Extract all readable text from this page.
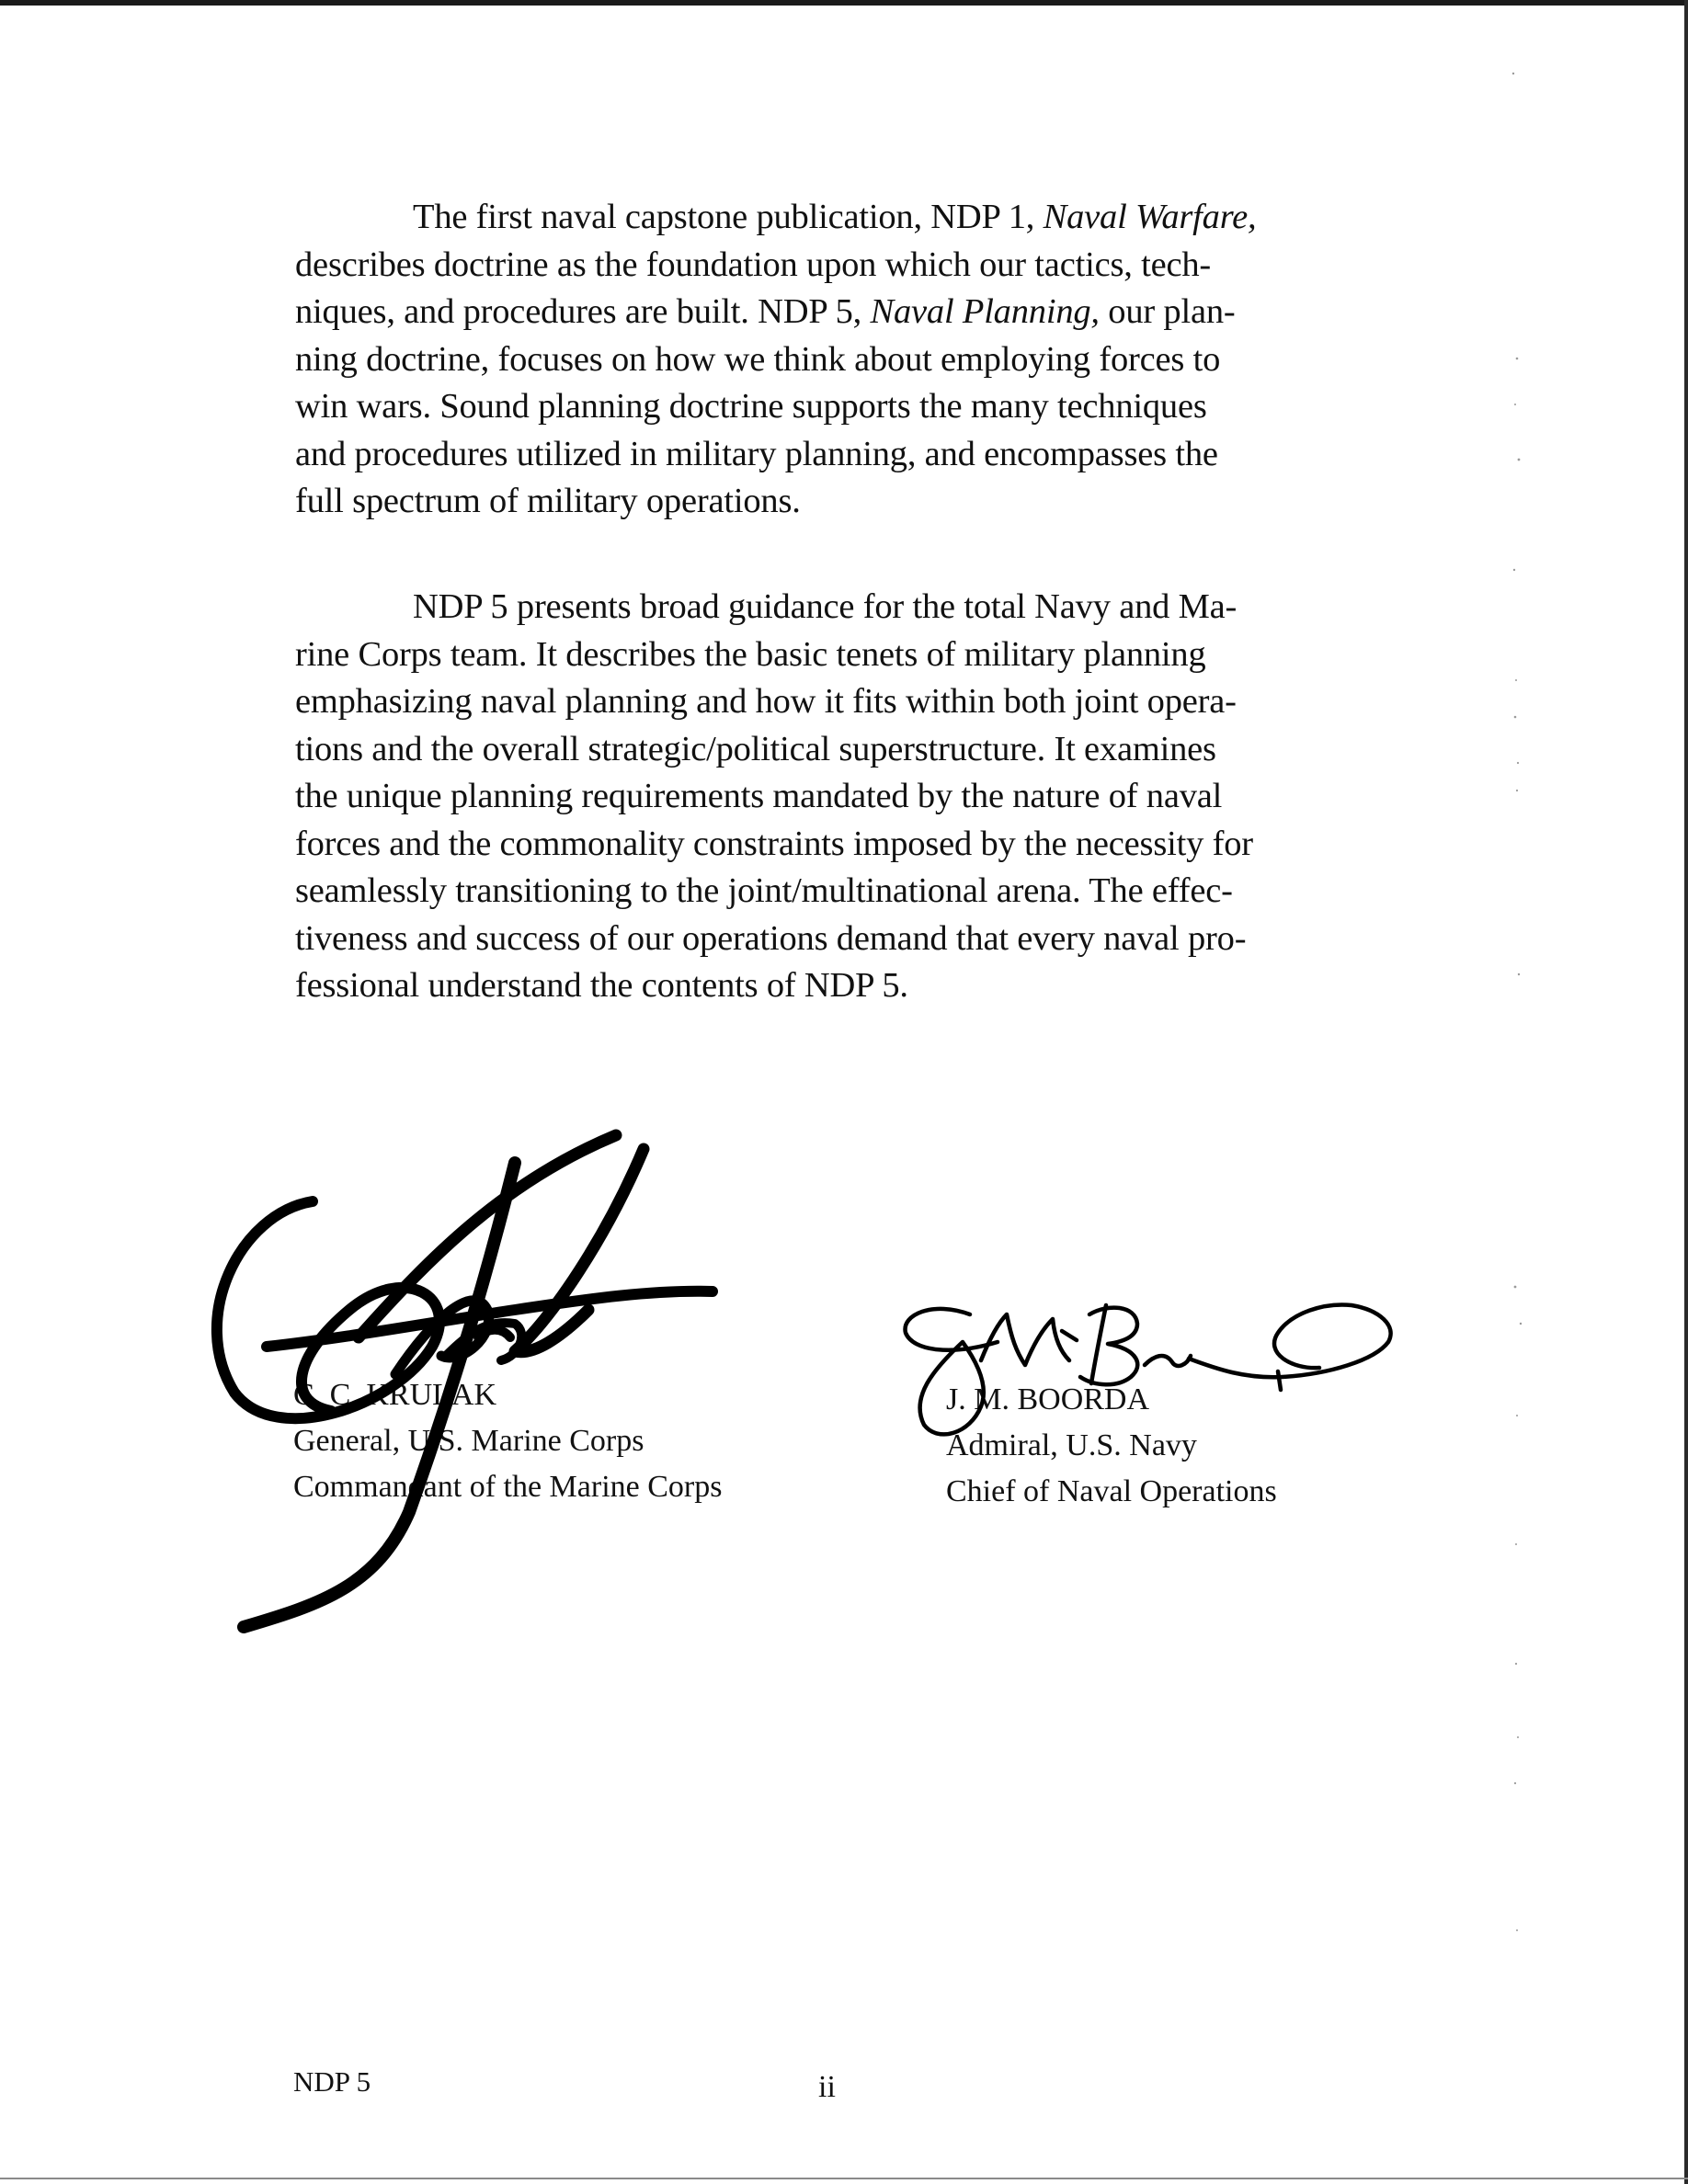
The first naval capstone publication, NDP 1, Naval Warfare,
describes doctrine as the foundation upon which our tactics, tech-
niques, and procedures are built. NDP 5, Naval Planning, our plan-
ning doctrine, focuses on how we think about employing forces to
win wars. Sound planning doctrine supports the many techniques
and procedures utilized in military planning, and encompasses the
full spectrum of military operations.
NDP 5 presents broad guidance for the total Navy and Ma-
rine Corps team. It describes the basic tenets of military planning
emphasizing naval planning and how it fits within both joint opera-
tions and the overall strategic/political superstructure. It examines
the unique planning requirements mandated by the nature of naval
forces and the commonality constraints imposed by the necessity for
seamlessly transitioning to the joint/multinational arena. The effec-
tiveness and success of our operations demand that every naval pro-
fessional understand the contents of NDP 5.
C. C. KRULAK
General, U.S. Marine Corps
Commandant of the Marine Corps
J. M. BOORDA
Admiral, U.S. Navy
Chief of Naval Operations
NDP 5	ii
